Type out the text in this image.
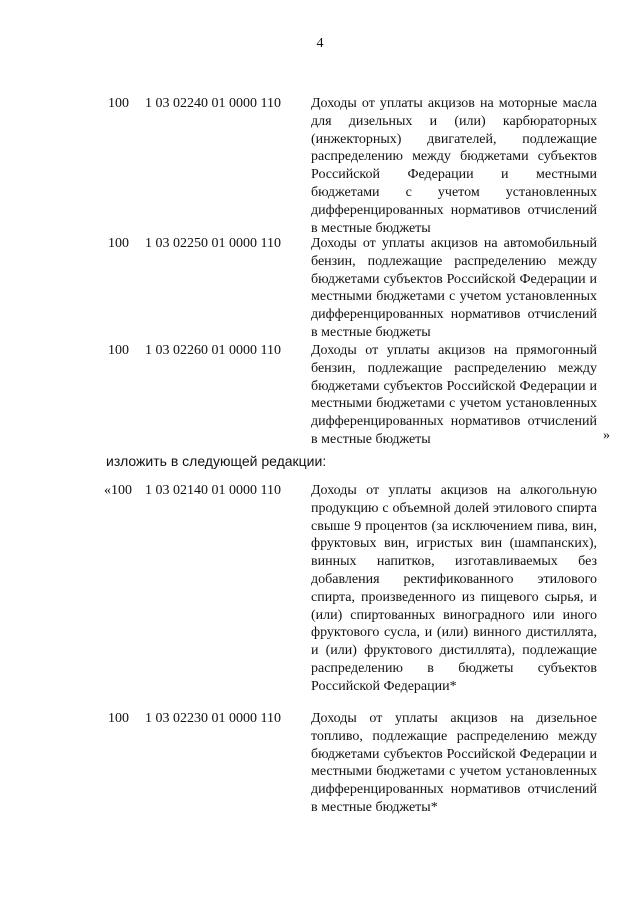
4
100 1 03 02240 01 0000 110 Доходы от уплаты акцизов на моторные масла для дизельных и (или) карбюраторных (инжекторных) двигателей, подлежащие распределению между бюджетами субъектов Российской Федерации и местными бюджетами с учетом установленных дифференцированных нормативов отчислений в местные бюджеты
100 1 03 02250 01 0000 110 Доходы от уплаты акцизов на автомобильный бензин, подлежащие распределению между бюджетами субъектов Российской Федерации и местными бюджетами с учетом установленных дифференцированных нормативов отчислений в местные бюджеты
100 1 03 02260 01 0000 110 Доходы от уплаты акцизов на прямогонный бензин, подлежащие распределению между бюджетами субъектов Российской Федерации и местными бюджетами с учетом установленных дифференцированных нормативов отчислений в местные бюджеты	»
изложить в следующей редакции:
«100 1 03 02140 01 0000 110 Доходы от уплаты акцизов на алкогольную продукцию с объемной долей этилового спирта свыше 9 процентов (за исключением пива, вин, фруктовых вин, игристых вин (шампанских), винных напитков, изготавливаемых без добавления ректификованного этилового спирта, произведенного из пищевого сырья, и (или) спиртованных виноградного или иного фруктового сусла, и (или) винного дистиллята, и (или) фруктового дистиллята), подлежащие распределению в бюджеты субъектов Российской Федерации*
100 1 03 02230 01 0000 110 Доходы от уплаты акцизов на дизельное топливо, подлежащие распределению между бюджетами субъектов Российской Федерации и местными бюджетами с учетом установленных дифференцированных нормативов отчислений в местные бюджеты*
